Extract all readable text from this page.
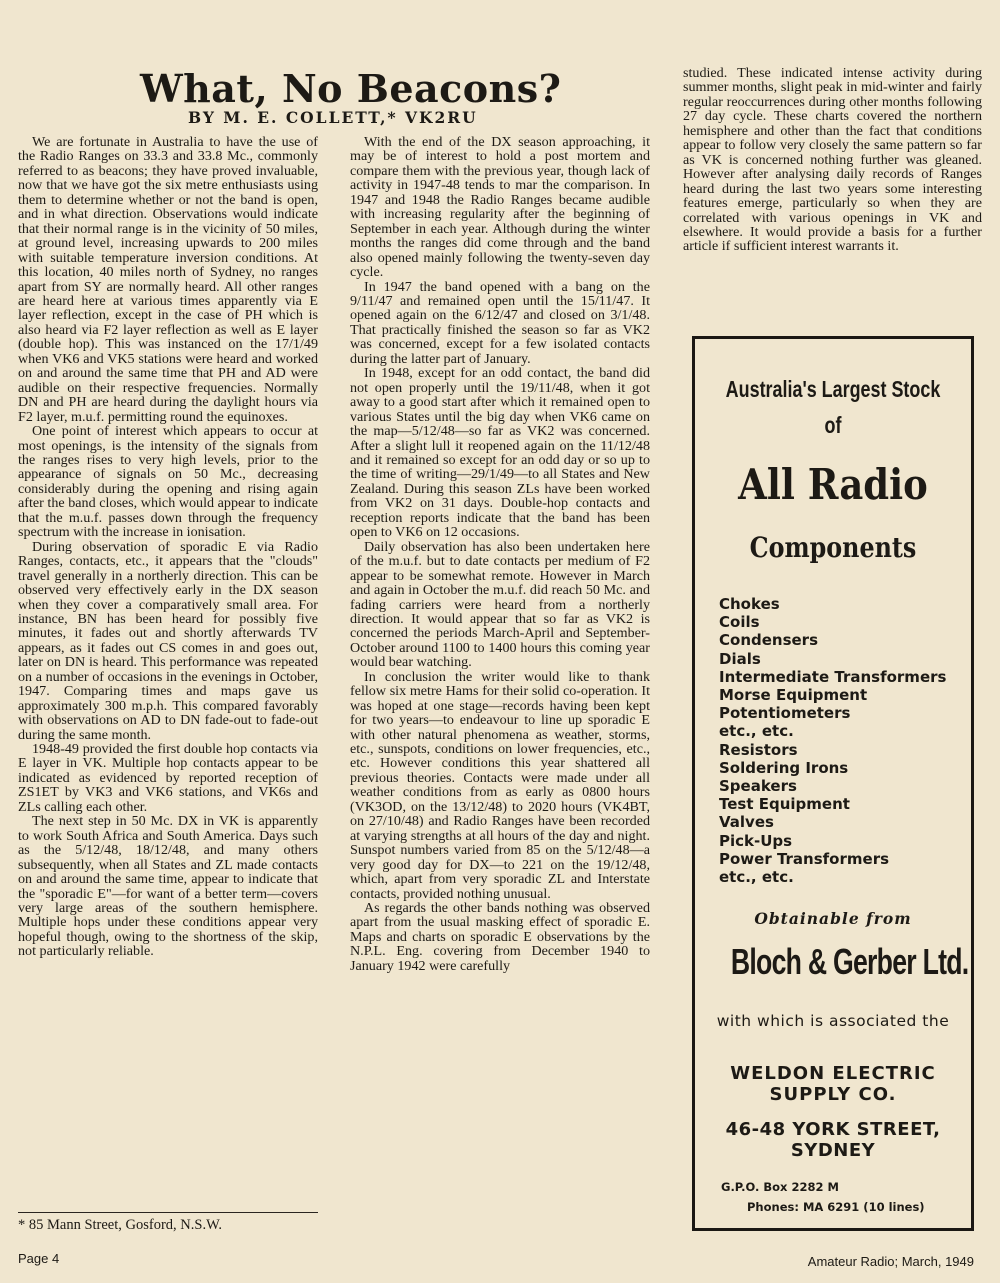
What, No Beacons?
BY M. E. COLLETT,* VK2RU

We are fortunate in Australia to have the use of the Radio Ranges on 33.3 and 33.8 Mc., commonly referred to as beacons; they have proved invaluable, now that we have got the six metre enthusiasts using them to determine whether or not the band is open, and in what direction. Observations would indicate that their normal range is in the vicinity of 50 miles, at ground level, increasing upwards to 200 miles with suitable temperature inversion conditions. At this location, 40 miles north of Sydney, no ranges apart from SY are normally heard. All other ranges are heard here at various times apparently via E layer reflection, except in the case of PH which is also heard via F2 layer reflection as well as E layer (double hop). This was instanced on the 17/1/49 when VK6 and VK5 stations were heard and worked on and around the same time that PH and AD were audible on their respective frequencies. Normally DN and PH are heard during the daylight hours via F2 layer, m.u.f. permitting round the equinoxes.

One point of interest which appears to occur at most openings, is the intensity of the signals from the ranges rises to very high levels, prior to the appearance of signals on 50 Mc., decreasing considerably during the opening and rising again after the band closes, which would appear to indicate that the m.u.f. passes down through the frequency spectrum with the increase in ionisation.

During observation of sporadic E via Radio Ranges, contacts, etc., it appears that the "clouds" travel generally in a northerly direction. This can be observed very effectively early in the DX season when they cover a comparatively small area. For instance, BN has been heard for possibly five minutes, it fades out and shortly afterwards TV appears, as it fades out CS comes in and goes out, later on DN is heard. This performance was repeated on a number of occasions in the evenings in October, 1947. Comparing times and maps gave us approximately 300 m.p.h. This compared favorably with observations on AD to DN fade-out to fade-out during the same month.

1948-49 provided the first double hop contacts via E layer in VK. Multiple hop contacts appear to be indicated as evidenced by reported reception of ZS1ET by VK3 and VK6 stations, and VK6s and ZLs calling each other.

The next step in 50 Mc. DX in VK is apparently to work South Africa and South America. Days such as the 5/12/48, 18/12/48, and many others subsequently, when all States and ZL made contacts on and around the same time, appear to indicate that the "sporadic E"—for want of a better term—covers very large areas of the southern hemisphere. Multiple hops under these conditions appear very hopeful though, owing to the shortness of the skip, not particularly reliable.

With the end of the DX season approaching, it may be of interest to hold a post mortem and compare them with the previous year, though lack of activity in 1947-48 tends to mar the comparison. In 1947 and 1948 the Radio Ranges became audible with increasing regularity after the beginning of September in each year. Although during the winter months the ranges did come through and the band also opened mainly following the twenty-seven day cycle.

In 1947 the band opened with a bang on the 9/11/47 and remained open until the 15/11/47. It opened again on the 6/12/47 and closed on 3/1/48. That practically finished the season so far as VK2 was concerned, except for a few isolated contacts during the latter part of January.

In 1948, except for an odd contact, the band did not open properly until the 19/11/48, when it got away to a good start after which it remained open to various States until the big day when VK6 came on the map—5/12/48—so far as VK2 was concerned. After a slight lull it reopened again on the 11/12/48 and it remained so except for an odd day or so up to the time of writing—29/1/49—to all States and New Zealand. During this season ZLs have been worked from VK2 on 31 days. Double-hop contacts and reception reports indicate that the band has been open to VK6 on 12 occasions.

Daily observation has also been undertaken here of the m.u.f. but to date contacts per medium of F2 appear to be somewhat remote. However in March and again in October the m.u.f. did reach 50 Mc. and fading carriers were heard from a northerly direction. It would appear that so far as VK2 is concerned the periods March-April and September-October around 1100 to 1400 hours this coming year would bear watching.

In conclusion the writer would like to thank fellow six metre Hams for their solid co-operation. It was hoped at one stage—records having been kept for two years—to endeavour to line up sporadic E with other natural phenomena as weather, storms, etc., sunspots, conditions on lower frequencies, etc., etc. However conditions this year shattered all previous theories. Contacts were made under all weather conditions from as early as 0800 hours (VK3OD, on the 13/12/48) to 2020 hours (VK4BT, on 27/10/48) and Radio Ranges have been recorded at varying strengths at all hours of the day and night. Sunspot numbers varied from 85 on the 5/12/48—a very good day for DX—to 221 on the 19/12/48, which, apart from very sporadic ZL and Interstate contacts, provided nothing unusual.

As regards the other bands nothing was observed apart from the usual masking effect of sporadic E. Maps and charts on sporadic E observations by the N.P.L. Eng. covering from December 1940 to January 1942 were carefully

studied. These indicated intense activity during summer months, slight peak in mid-winter and fairly regular reoccurrences during other months following 27 day cycle. These charts covered the northern hemisphere and other than the fact that conditions appear to follow very closely the same pattern so far as VK is concerned nothing further was gleaned. However after analysing daily records of Ranges heard during the last two years some interesting features emerge, particularly so when they are correlated with various openings in VK and elsewhere. It would provide a basis for a further article if sufficient interest warrants it.

* 85 Mann Street, Gosford, N.S.W.
Australia's Largest Stock
of
All Radio
Components
Chokes
Coils
Condensers
Dials
Intermediate Transformers
Morse Equipment
Potentiometers
etc., etc.
Resistors
Soldering Irons
Speakers
Test Equipment
Valves
Pick-Ups
Power Transformers
etc., etc.
Obtainable from
Bloch & Gerber Ltd.
with which is associated the
WELDON ELECTRIC SUPPLY CO.
46-48 YORK STREET, SYDNEY
G.P.O. Box 2282 M
Phones: MA 6291 (10 lines)
Page 4	Amateur Radio; March, 1949
